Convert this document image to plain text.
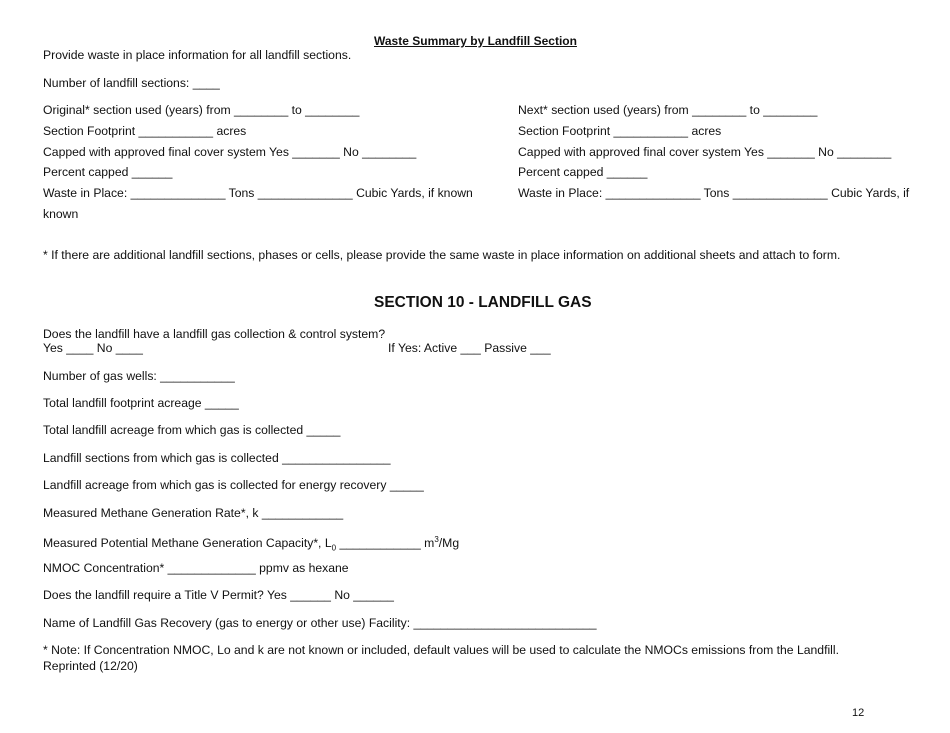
Waste Summary by Landfill Section
Provide waste in place information for all landfill sections.
Number of landfill sections: ____
Original* section used (years) from ________ to ________
Section Footprint ___________ acres
Capped with approved final cover system Yes _______ No ________
Percent capped ______
Waste in Place: ______________ Tons ______________ Cubic Yards, if known
Next* section used (years) from ________ to ________
Section Footprint ___________ acres
Capped with approved final cover system Yes _______ No ________
Percent capped ______
Waste in Place: ______________ Tons ______________ Cubic Yards, if
known
* If there are additional landfill sections, phases or cells, please provide the same waste in place information on additional sheets and attach to form.
SECTION 10 - LANDFILL GAS
Does the landfill have a landfill gas collection & control system?
Yes ____ No ____	If Yes: Active ___ Passive ___
Number of gas wells: ___________
Total landfill footprint acreage _____
Total landfill acreage from which gas is collected _____
Landfill sections from which gas is collected ________________
Landfill acreage from which gas is collected for energy recovery _____
Measured Methane Generation Rate*, k ____________
Measured Potential Methane Generation Capacity*, $L_0$ ____________ $m^3/Mg$
NMOC Concentration* _____________ ppmv as hexane
Does the landfill require a Title V Permit? Yes ______ No ______
Name of Landfill Gas Recovery (gas to energy or other use) Facility: ___________________________
* Note: If Concentration NMOC, Lo and k are not known or included, default values will be used to calculate the NMOCs emissions from the Landfill.
Reprinted (12/20)
12
